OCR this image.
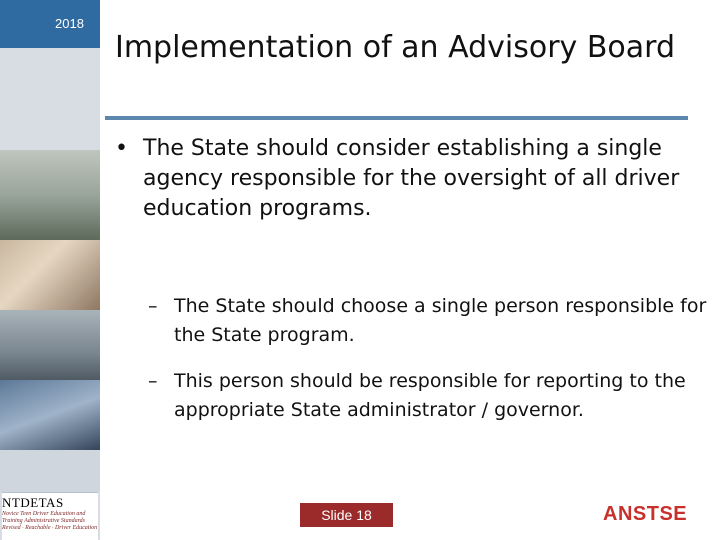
2018
NTDETAS
Novice Teen Driver Education and
Training Administrative Standards
Revised · Reachable · Driver Education
Implementation of an Advisory Board
• The State should consider establishing a single agency responsible for the oversight of all driver education programs.
– The State should choose a single person responsible for the State program.
– This person should be responsible for reporting to the appropriate State administrator / governor.
Slide 18	ANSTSE
